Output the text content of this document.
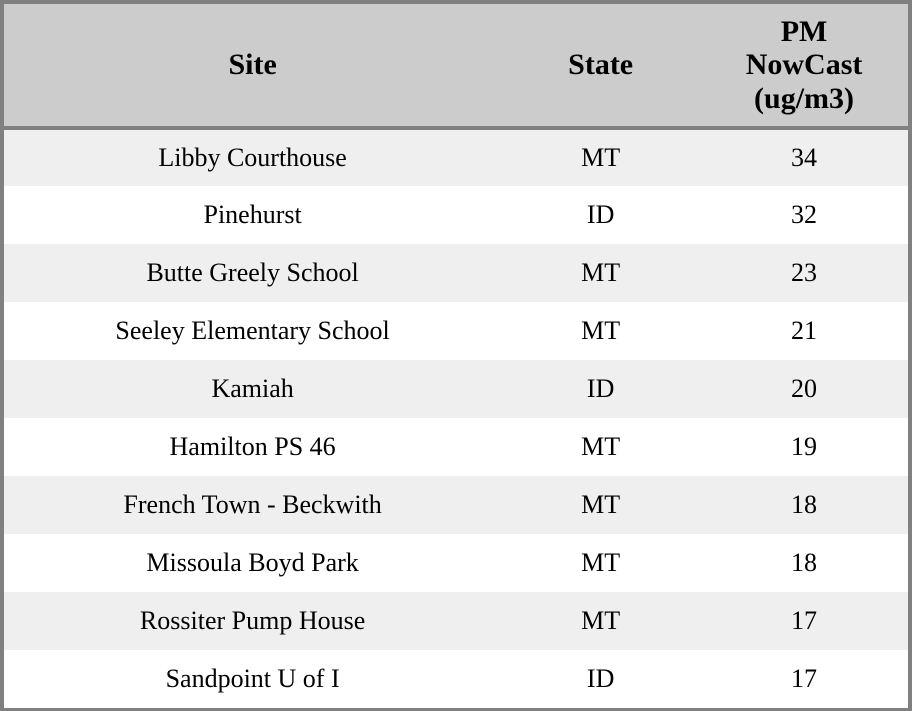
Site	State	PM
NowCast
(ug/m3)

Libby Courthouse	MT	34
Pinehurst	ID	32
Butte Greely School	MT	23
Seeley Elementary School	MT	21
Kamiah	ID	20
Hamilton PS 46	MT	19
French Town - Beckwith	MT	18
Missoula Boyd Park	MT	18
Rossiter Pump House	MT	17
Sandpoint U of I	ID	17
